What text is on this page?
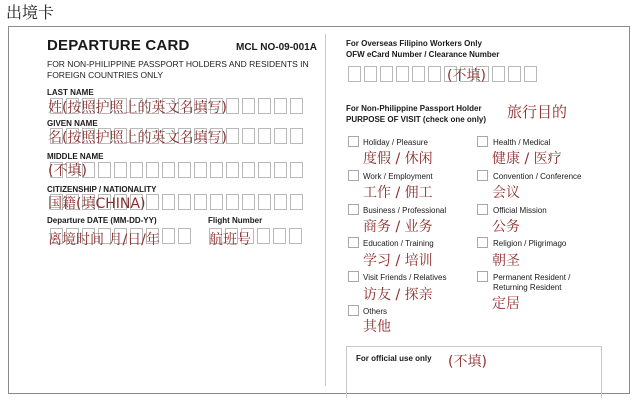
出境卡
DEPARTURE CARD	MCL NO-09-001A
FOR NON-PHILIPPINE PASSPORT HOLDERS AND RESIDENTS IN FOREIGN COUNTRIES ONLY
LAST NAME
姓(按照护照上的英文名填写)
GIVEN NAME
名(按照护照上的英文名填写)
MIDDLE NAME
(不填)
CITIZENSHIP / NATIONALITY
国籍(填CHINA)
Departure DATE (MM-DD-YY)	Flight Number
离境时间 月/日/年	航班号
For Overseas Filipino Workers Only
OFW eCard Number / Clearance Number
(不填)
For Non-Philippine Passport Holder
PURPOSE OF VISIT (check one only) 旅行目的
Holiday / Pleasure
度假 / 休闲
Work / Employment
工作 / 佣工
Business / Professional
商务 / 业务
Education / Training
学习 / 培训
Visit Friends / Relatives
访友 / 探亲
Others
其他
Health / Medical
健康 / 医疗
Convention / Conference
会议
Official Mission
公务
Religion / Pligrimago
朝圣
Permanent Resident /
Returning Resident
定居
For official use only (不填)
